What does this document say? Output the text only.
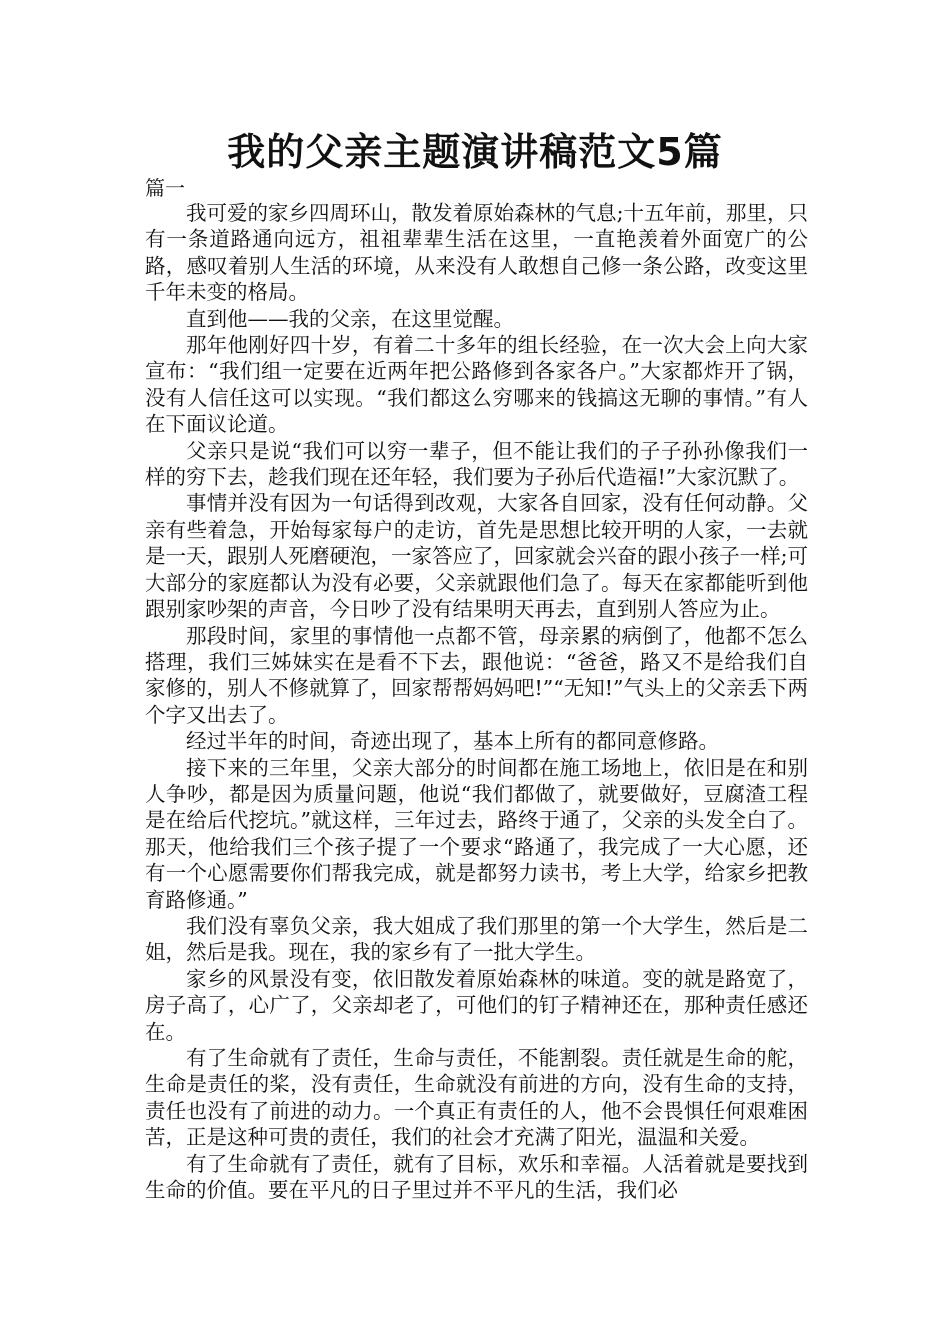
我的父亲主题演讲稿范文5篇

篇一

我可爱的家乡四周环山，散发着原始森林的气息;十五年前，那里，只有一条道路通向远方，祖祖辈辈生活在这里，一直艳羡着外面宽广的公路，感叹着别人生活的环境，从来没有人敢想自己修一条公路，改变这里千年未变的格局。

直到他——我的父亲，在这里觉醒。

那年他刚好四十岁，有着二十多年的组长经验，在一次大会上向大家宣布：“我们组一定要在近两年把公路修到各家各户。”大家都炸开了锅，没有人信任这可以实现。“我们都这么穷哪来的钱搞这无聊的事情。”有人在下面议论道。

父亲只是说“我们可以穷一辈子，但不能让我们的子子孙孙像我们一样的穷下去，趁我们现在还年轻，我们要为子孙后代造福!”大家沉默了。

事情并没有因为一句话得到改观，大家各自回家，没有任何动静。父亲有些着急，开始每家每户的走访，首先是思想比较开明的人家，一去就是一天，跟别人死磨硬泡，一家答应了，回家就会兴奋的跟小孩子一样;可大部分的家庭都认为没有必要，父亲就跟他们急了。每天在家都能听到他跟别家吵架的声音，今日吵了没有结果明天再去，直到别人答应为止。

那段时间，家里的事情他一点都不管，母亲累的病倒了，他都不怎么搭理，我们三姊妹实在是看不下去，跟他说：“爸爸，路又不是给我们自家修的，别人不修就算了，回家帮帮妈妈吧!”“无知!”气头上的父亲丢下两个字又出去了。

经过半年的时间，奇迹出现了，基本上所有的都同意修路。

接下来的三年里，父亲大部分的时间都在施工场地上，依旧是在和别人争吵，都是因为质量问题，他说“我们都做了，就要做好，豆腐渣工程是在给后代挖坑。”就这样，三年过去，路终于通了，父亲的头发全白了。那天，他给我们三个孩子提了一个要求“路通了，我完成了一大心愿，还有一个心愿需要你们帮我完成，就是都努力读书，考上大学，给家乡把教育路修通。”

我们没有辜负父亲，我大姐成了我们那里的第一个大学生，然后是二姐，然后是我。现在，我的家乡有了一批大学生。

家乡的风景没有变，依旧散发着原始森林的味道。变的就是路宽了，房子高了，心广了，父亲却老了，可他们的钉子精神还在，那种责任感还在。

有了生命就有了责任，生命与责任，不能割裂。责任就是生命的舵，生命是责任的桨，没有责任，生命就没有前进的方向，没有生命的支持，责任也没有了前进的动力。一个真正有责任的人，他不会畏惧任何艰难困苦，正是这种可贵的责任，我们的社会才充满了阳光，温温和关爱。

有了生命就有了责任，就有了目标，欢乐和幸福。人活着就是要找到生命的价值。要在平凡的日子里过并不平凡的生活，我们必
